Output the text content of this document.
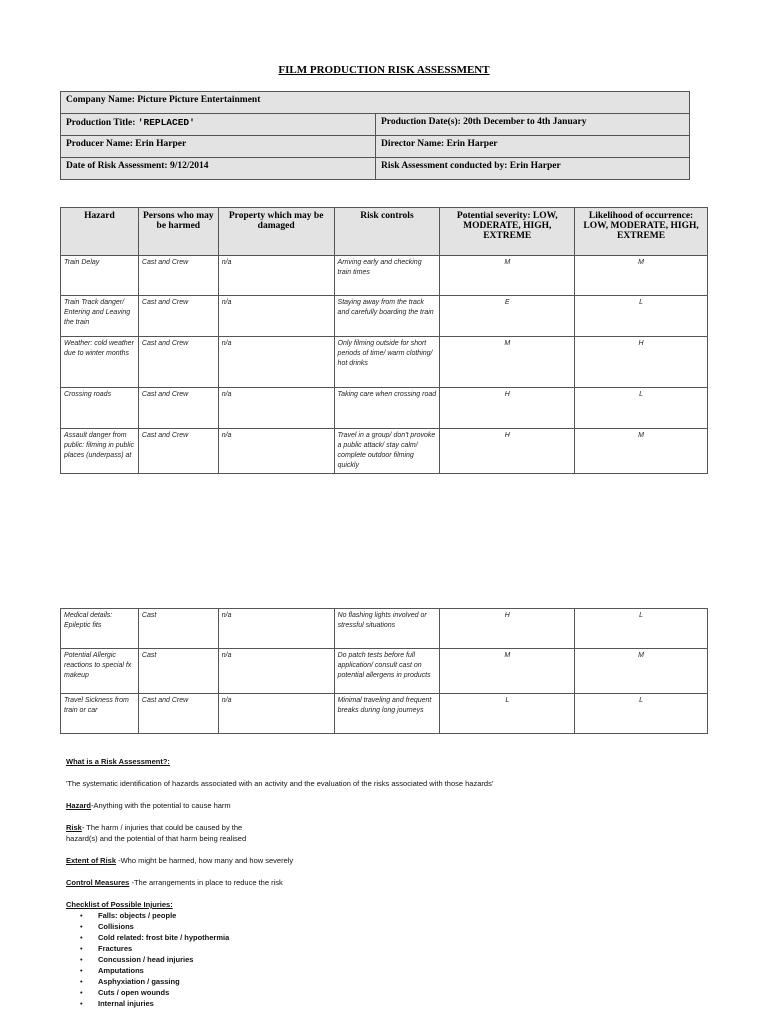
FILM PRODUCTION RISK ASSESSMENT
Company Name: Picture Picture Entertainment	
Production Title: 'REPLACED'	Production Date(s): 20th December to 4th January
Producer Name: Erin Harper	Director Name: Erin Harper
Date of Risk Assessment: 9/12/2014	Risk Assessment conducted by: Erin Harper
Hazard	Persons who may be harmed	Property which may be damaged	Risk controls	Potential severity: LOW, MODERATE, HIGH, EXTREME	Likelihood of occurrence: LOW, MODERATE, HIGH, EXTREME
Train Delay	Cast and Crew	n/a	Arriving early and checking train times	M	M
Train Track danger/ Entering and Leaving the train	Cast and Crew	n/a	Staying away from the track and carefully boarding the train	E	L
Weather: cold weather due to winter months	Cast and Crew	n/a	Only filming outside for short periods of time/ warm clothing/ hot drinks	M	H
Crossing roads	Cast and Crew	n/a	Taking care when crossing road	H	L
Assault danger from public: filming in public places (underpass) at	Cast and Crew	n/a	Travel in a group/ don't provoke a public attack/ stay calm/ complete outdoor filming quickly	H	M
Medical details: Epileptic fits	Cast	n/a	No flashing lights involved or stressful situations	H	L
Potential Allergic reactions to special fx makeup	Cast	n/a	Do patch tests before full application/ consult cast on potential allergens in products	M	M
Travel Sickness from train or car	Cast and Crew	n/a	Minimal traveling and frequent breaks during long journeys	L	L

What is a Risk Assessment?:

'The systematic identification of hazards associated with an activity and the evaluation of the risks associated with those hazards'

Hazard-Anything with the potential to cause harm

Risk- The harm / injuries that could be caused by the
hazard(s) and the potential of that harm being realised

Extent of Risk -Who might be harmed, how many and how severely

Control Measures -The arrangements in place to reduce the risk

Checklist of Possible Injuries:

• Falls: objects / people
• Collisions
• Cold related: frost bite / hypothermia
• Fractures
• Concussion / head injuries
• Amputations
• Asphyxiation / gassing
• Cuts / open wounds
• Internal injuries
